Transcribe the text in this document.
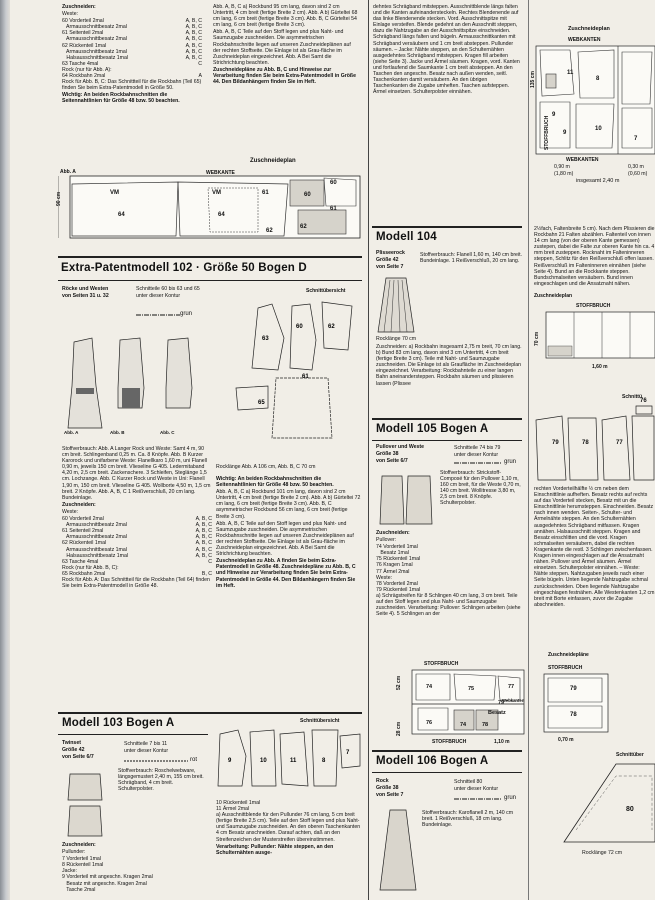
Zuschneiden:

Weste:

60 Vorderteil 2mal	A, B, C
Armausschnittbesatz 2mal	A, B, C
61 Seitenteil 2mal	A, B, C
Armausschnittbesatz 2mal	A, B, C
62 Rückenteil 1mal	A, B, C
Armausschnittbesatz 1mal	A, B, C
Halsausschnittbesatz 1mal	A, B, C
63 Tasche 4mal	C
Rock (nur für Abb. A):
64 Rockbahn 2mal	A

Rock für Abb. B, C: Das Schnittteil für die Rockbahn (Teil 65) finden Sie beim Extra-Patentmodell in Größe 50.

Wichtig: An beiden Rockbahnschnitten die Seitennahtlinien für Größe 48 bzw. 50 beachten.

Abb. A, B, C a) Rockbund 95 cm lang, davon sind 2 cm Untertritt, 4 cm breit (fertige Breite 2 cm). Abb. A b) Gürteltei 68 cm lang, 6 cm breit (fertige Breite 3 cm). Abb. B, C Gürteltei 54 cm lang, 6 cm breit (fertige Breite 3 cm).

Abb. A, B, C Teile auf den Stoff legen und plus Naht- und Saumzugabe zuschneiden. Die asymmetrischen Rockbahnschnitte liegen auf unseren Zuschneideplänen auf der rechten Stoffseite. Die Einlage ist als Grau-fläche im Zuschneideplan eingezeichnet. Abb. A Bei Samt die Strichrichtung beachten.

Zuschneidepläne zu Abb. B, C und Hinweise zur Verarbeitung finden Sie beim Extra-Patentmodell in Größe 44. Den Bildanhängern finden Sie im Heft.

Zuschneideplan
Abb. A	WEBKANTE
90 cm	61	60
61
62
64	64
60
62
VM	VM
Extra-Patentmodell 102 · Größe 50 Bogen D

Röcke und Westen

von Seiten 31 u. 32

Schnitteile 60 bis 63 und 65

unter dieser Kontur

grün
Schnittübersicht
Abb. A	Abb. B	Abb. C
63
60	62
61
65

Stoffverbrauch: Abb. A Langer Rock und Weste: Samt 4 m, 90 cm breit. Schlingenband 0,25 m. Ca. 8 Knöpfe. Abb. B Kurzer Karorock und unifarbene Weste: Flanellkaro 1,60 m, uni Flanell 0,90 m, jeweils 150 cm breit. Vlieseline G 405. Ledermitaband 4,20 m, 2,5 cm breit. Zackenschere. 3 Schleifen, Steglänge 1,5 cm. Lochzange. Abb. C Kurzer Rock und Weste in Uni: Flanell 1,90 m, 150 cm breit. Vlieseline G 405. Wollborte 4,50 m, 1,5 cm breit. 2 Knöpfe. Abb. A, B, C 1 Reißverschluß, 20 cm lang. Bundeinlage.

Zuschneiden:

Weste:

60 Vorderteil 2mal	A, B, C
Armausschnittbesatz 2mal	A, B, C
61 Seitenteil 2mal	A, B, C
Armausschnittbesatz 2mal	A, B, C
62 Rückenteil 1mal	A, B, C
Armausschnittbesatz 1mal	A, B, C
Halsausschnittbesatz 1mal	A, B, C
63 Tasche 4mal	C
Rock (nur für Abb. B, C):
65 Rockbahn 2mal	B, C

Rock für Abb. A: Das Schnittteil für die Rockbahn (Teil 64) finden Sie beim Extra-Patentmodell in Größe 48.

Rocklänge Abb. A 106 cm, Abb. B, C 70 cm

Wichtig: An beiden Rockbahnschnitten die Seitennahtlinien für Größe 48 bzw. 50 beachten.

Abb. A, B, C a) Rockbund 101 cm lang, davon sind 2 cm Untertritt, 4 cm breit (fertige Breite 2 cm). Abb. A b) Gürteltei 72 cm lang, 6 cm breit (fertige Breite 3 cm). Abb. B, C asymmetrischer Rockbund 56 cm lang, 6 cm breit (fertige Breite 3 cm).

Abb. A, B, C Teile auf den Stoff legen und plus Naht- und Saumzugabe zuschneiden. Die asymmetrischen Rockbahnschnitte liegen auf unseren Zuschneideplänen auf der rechten Stoffseite. Die Einlage ist als Grau-fläche im Zuschneideplan eingezeichnet. Abb. A Bei Samt die Strichrichtung beachten.

Zuschneideplan zu Abb. A finden Sie beim Extra-Patentmodell in Größe 48. Zuschneidepläne zu Abb. B, C und Hinweise zur Verarbeitung finden Sie beim Extra-Patentmodell in Größe 44. Den Bildanhängern finden Sie im Heft.

Modell 103 Bogen A	Schnittübersicht

Twinset

Größe 42

von Seite 6/7

Schnitteile 7 bis 11

unter dieser Kontur

rot
Stoffverbrauch: Roschelwebware, längsgemustert 2,40 m, 155 cm breit. Schrägband, 4 cm breit. Schulterpolster.

Zuschneiden:

Pullunder:

7 Vorderteil 1mal
8 Rückenteil 1mal
Jacke:
9 Vorderteil mit angeschn. Kragen 2mal
Besatz mit angeschn. Kragen 2mal
Tasche 2mal
9	10	11	8
7

10 Rückenteil 1mal
11 Ärmel 2mal
a) Ausschnittblende für den Pullunder 76 cm lang, 5 cm breit (fertige Breite 2,5 cm). Teile auf den Stoff legen und plus Naht- und Saumzugabe zuschneiden. An den oberen Taschenkanten 4 cm Besatz anschneiden. Darauf achten, daß an den Streifenzeichen der Musterstreifen übereinstimmen.

Verarbeitung: Pullunder: Nähte steppen, an den Schulternähten ausge-

dehntes Schrägband mitsteppen. Ausschnittblende längs falten und die Kanten aufeinandersteckeln. Rechtes Blendenende auf das linke Blendenende stecken. Vord. Ausschnittspitze mit Einlage versteifen. Blende gedehnt an den Ausschnitt steppen, dazu die Nahtzugabe an der Ausschnittspitze einschneiden. Schrägband längs falten und bügeln. Armausschnittkanten mit Schrägband versäubern und 1 cm breit absteppen. Pullunder säumen. – Jacke: Nähte steppen, an den Schulternähten ausgedehntes Schrägband mitsteppen. Kragen fill arbeiten (siehe Seite 3). Jacke und Ärmel säumen. Kragen, vord. Kanten und fortlaufend die Saumkante 1 cm breit absteppen. An den Taschen den angeschn. Besatz nach außen wenden, seitl. Taschenkanten damit versäubern. An den übrigen Taschenkanten die Zugabe umheften. Taschen aufsteppen. Ärmel einsetzen. Schulterpolster einnähen.
Modell 104

Plisseerock

Größe 42

von Seite 7

Stoffverbrauch: Flanell 1,60 m, 140 cm breit. Bundeinlage. 1 Reißverschluß, 20 cm lang.
Rocklänge 70 cm
Zuschneiden: a) Rockbahn insgesamt 2,75 m breit, 70 cm lang. b) Bund 83 cm lang, davon sind 3 cm Untertritt, 4 cm breit (fertige Breite 3 cm). Teile mit Naht- und Saumzugabe zuschneiden. Die Einlage ist als Graufläche im Zuschneideplan eingezeichnet. Verarbeitung: Rockbahnteile zu einer langen Bahn aneinandersteppen. Rockbahn säumen und plissieren lassen (Plissee
Modell 105 Bogen A

Pullover und Weste

Größe 38

von Seite 6/7

Schnitteile 74 bis 79

unter dieser Kontur

grün
Stoffverbrauch: Strickstoff-Composé für den Pullover 1,10 m, 160 cm breit, für die Weste 0,70 m, 140 cm breit. Wollitresse 3,80 m, 2,5 cm breit. 8 Knöpfe. Schulterpolster.

Zuschneiden:

Pullover:

74 Vorderteil 1mal
Besatz 1mal
75 Rückenteil 1mal
76 Kragen 1mal
77 Ärmel 2mal
Weste:
78 Vorderteil 2mal
79 Rückenteil 1mal

a) Schrägstreifen für 8 Schlingen 40 cm lang, 3 cm breit. Teile auf den Stoff legen und plus Naht- und Saumzugabe zuschneiden. Verarbeitung: Pullover: Schlingen arbeiten (siehe Seite 4). 5 Schlingen an der

Zuschneidepläne
STOFFBRUCH
74	75	77
76	74	78
79
Besatz
52 cm
28 cm
STOFFBRUCH	1,10 m
Webkanten
Modell 106 Bogen A

Rock

Größe 38

von Seite 7

Schnitteil 80

unter dieser Kontur

grün
Stoffverbrauch: Karoflanell 2 m, 140 cm breit. 1 Reißverschluß, 18 cm lang. Bundeinlage.
Zuschneideplan
WEBKANTEN
135 cm
STOFFBRUCH
11
8
9
10
9
7
WEBKANTEN

0,90 m

(1,80 m)

0,30 m

(0,60 m)

insgesamt 2,40 m
2½fach, Faltenbreite 5 cm). Nach dem Plissieren die Rockbahn 21 Falten abzählen. Faltenteil von innen 14 cm lang (von der oberen Kante gemessen) zustepen, dabei die Falte zur oberen Kante hin ca. 4 mm breit zusteppen. Rocknaht im Falteninneren steppen, Schlitz für den Reißverschluß offen lassen. Reißverschluß im Falteninneren einnähen (siehe Seite 4). Bund an die Rockkante steppen. Bundschmalseiten versäubern. Bund innen eingeschlagen und die Ansatznaht nähen.
Zuschneideplan
STOFFBRUCH
70 cm
1,60 m
Schnittü
76
79	78	77
rechten Vorderteilhälfte ½ cm neben dem Einschnittlinie aufheften. Besatz rechts auf rechts auf das Vorderteil stecken, Besatz mit un die Einschnittlinie herumsteppen. Einschneiden. Besatz nach innen wenden. Seiten-, Schulter- und Ärmelnähte steppen. An den Schulternähten ausgedehntes Schrägband mitfassen. Kragen annähen. Halsausschnitt steppen. Kragen and Besatz einschlitten und die vord. Kragen schmalseiten versäubern, dabei die rechten Kragenkante die restl. 3 Schlingen zwischenfassen. Kragen innen eingeschlagen auf die Ansatznaht nähen. Pullover und Ärmel säumen. Ärmel einsetzen. Schulterpolster einnähen. – Weste: Nähte steppen. Nahtzugaben jeweils nach einer Seite bügeln. Unten liegende Nahtzugabe schmal zurückschneiden. Oben liegende Nahtzugabe eingeschlagen festnähen. Alle Westenkanten 1,2 cm breit mit Borte einfassen, zuvor die Zugabe abschneiden.
STOFFBRUCH
79
78
0,70 m
Schnittüber
80
Rocklänge 72 cm
